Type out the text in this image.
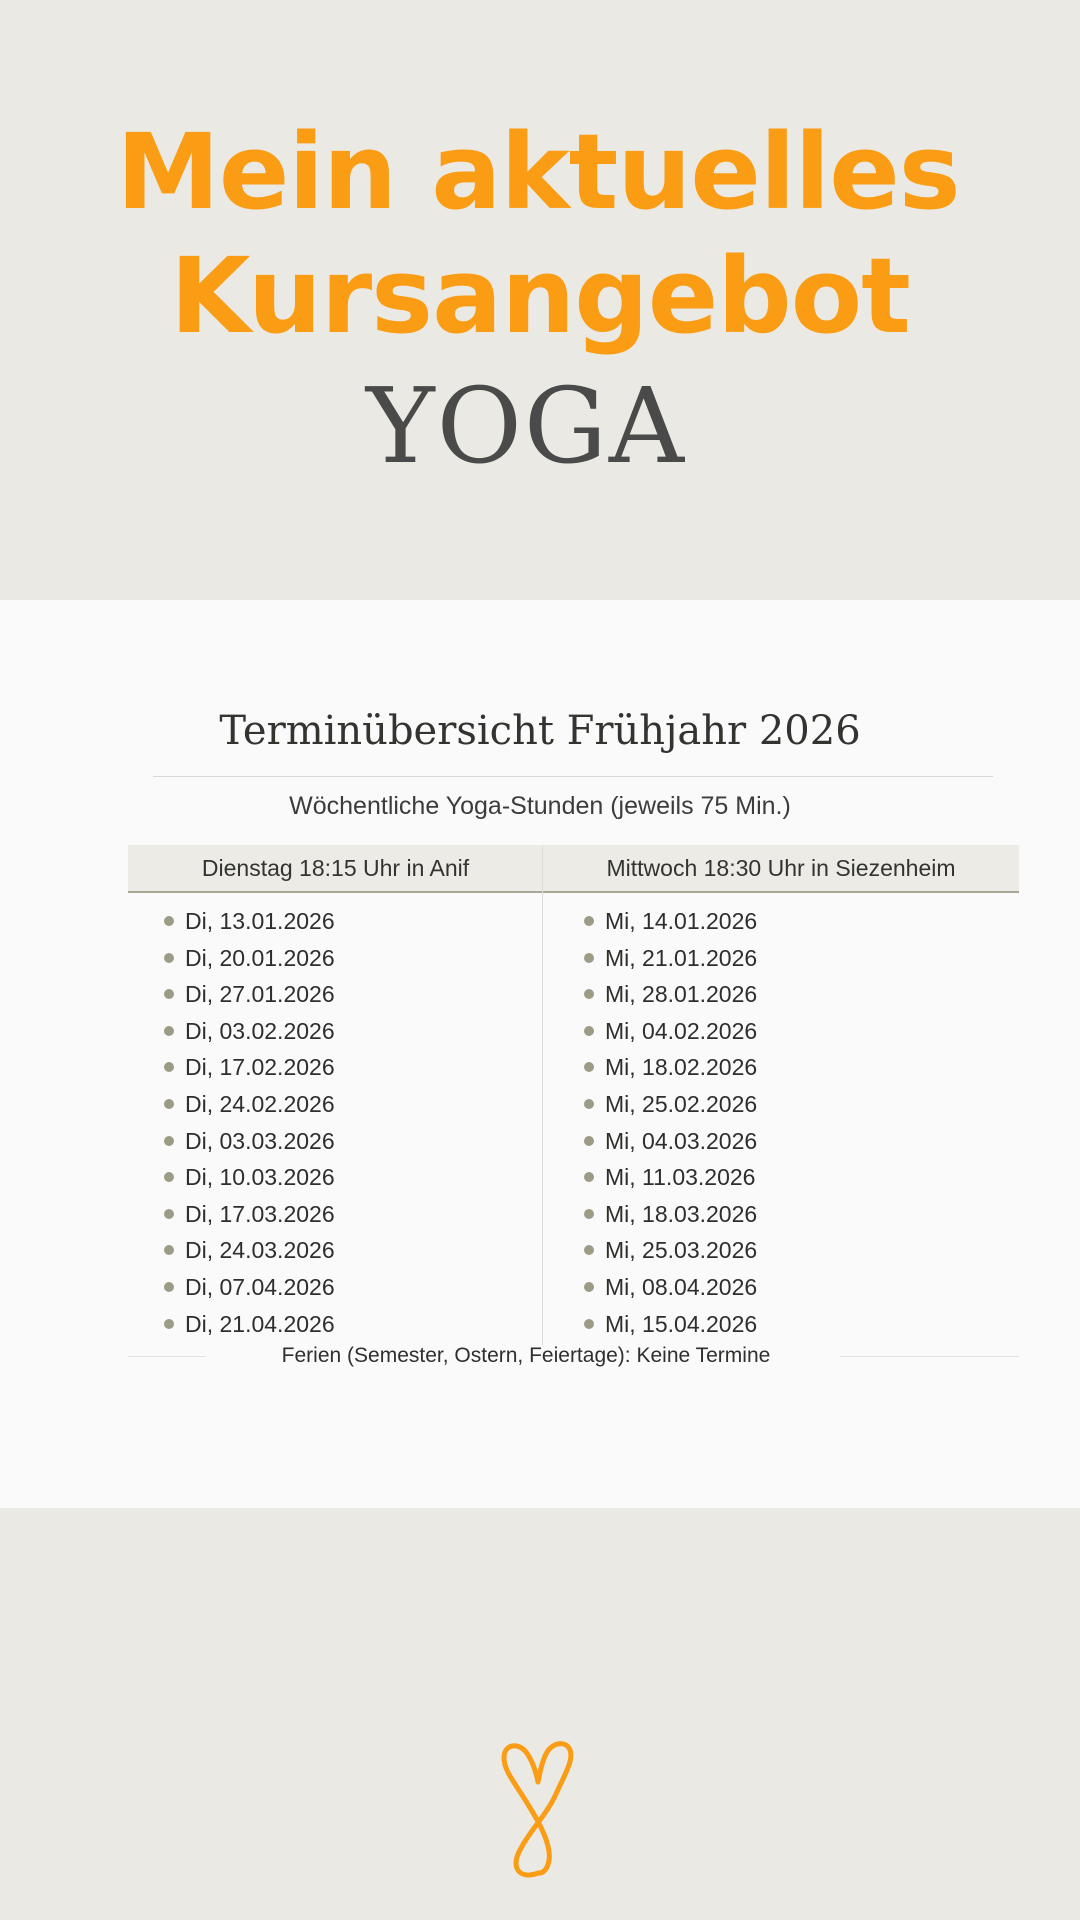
Mein aktuelles
Kursangebot
YOGA
Terminübersicht Frühjahr 2026
Wöchentliche Yoga-Stunden (jeweils 75 Min.)
Dienstag 18:15 Uhr in Anif	Mittwoch 18:30 Uhr in Siezenheim
Di, 13.01.2026
Di, 20.01.2026
Di, 27.01.2026
Di, 03.02.2026
Di, 17.02.2026
Di, 24.02.2026
Di, 03.03.2026
Di, 10.03.2026
Di, 17.03.2026
Di, 24.03.2026
Di, 07.04.2026
Di, 21.04.2026
Mi, 14.01.2026
Mi, 21.01.2026
Mi, 28.01.2026
Mi, 04.02.2026
Mi, 18.02.2026
Mi, 25.02.2026
Mi, 04.03.2026
Mi, 11.03.2026
Mi, 18.03.2026
Mi, 25.03.2026
Mi, 08.04.2026
Mi, 15.04.2026
Ferien (Semester, Ostern, Feiertage): Keine Termine
